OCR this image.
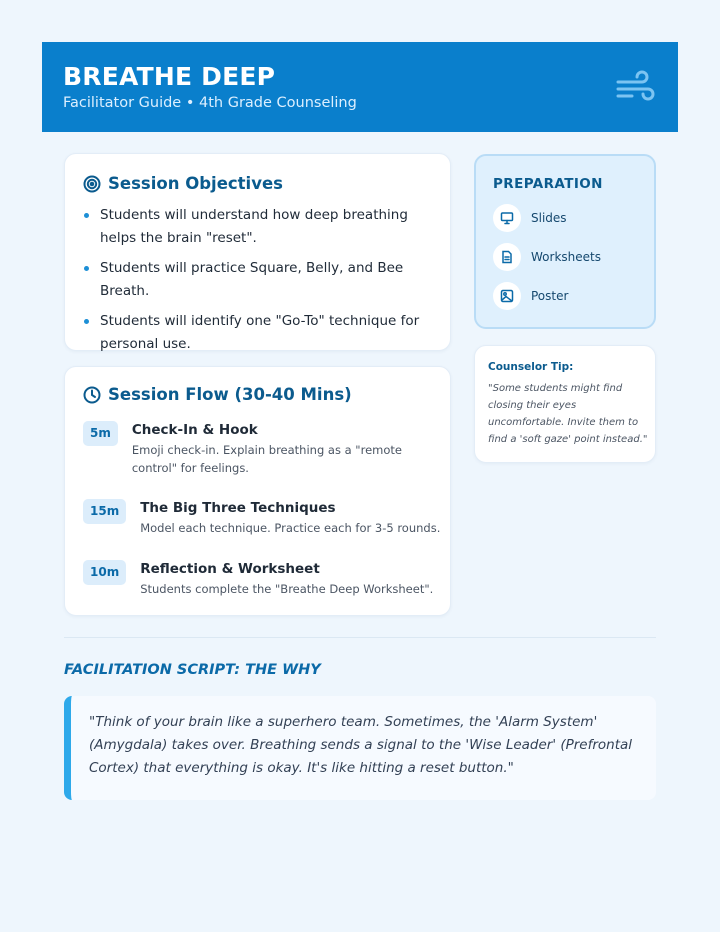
BREATHE DEEP
Facilitator Guide • 4th Grade Counseling
Session Objectives
Students will understand how deep breathing helps the brain "reset".
Students will practice Square, Belly, and Bee Breath.
Students will identify one "Go-To" technique for personal use.
Session Flow (30-40 Mins)
5m	Check-In & Hook
Emoji check-in. Explain breathing as a "remote control" for feelings.
15m	The Big Three Techniques
Model each technique. Practice each for 3-5 rounds.
10m	Reflection & Worksheet
Students complete the "Breathe Deep Worksheet".
PREPARATION
Slides
Worksheets
Poster
Counselor Tip:
"Some students might find closing their eyes uncomfortable. Invite them to find a 'soft gaze' point instead."
FACILITATION SCRIPT: THE WHY

"Think of your brain like a superhero team. Sometimes, the 'Alarm System' (Amygdala) takes over. Breathing sends a signal to the 'Wise Leader' (Prefrontal Cortex) that everything is okay. It's like hitting a reset button."
